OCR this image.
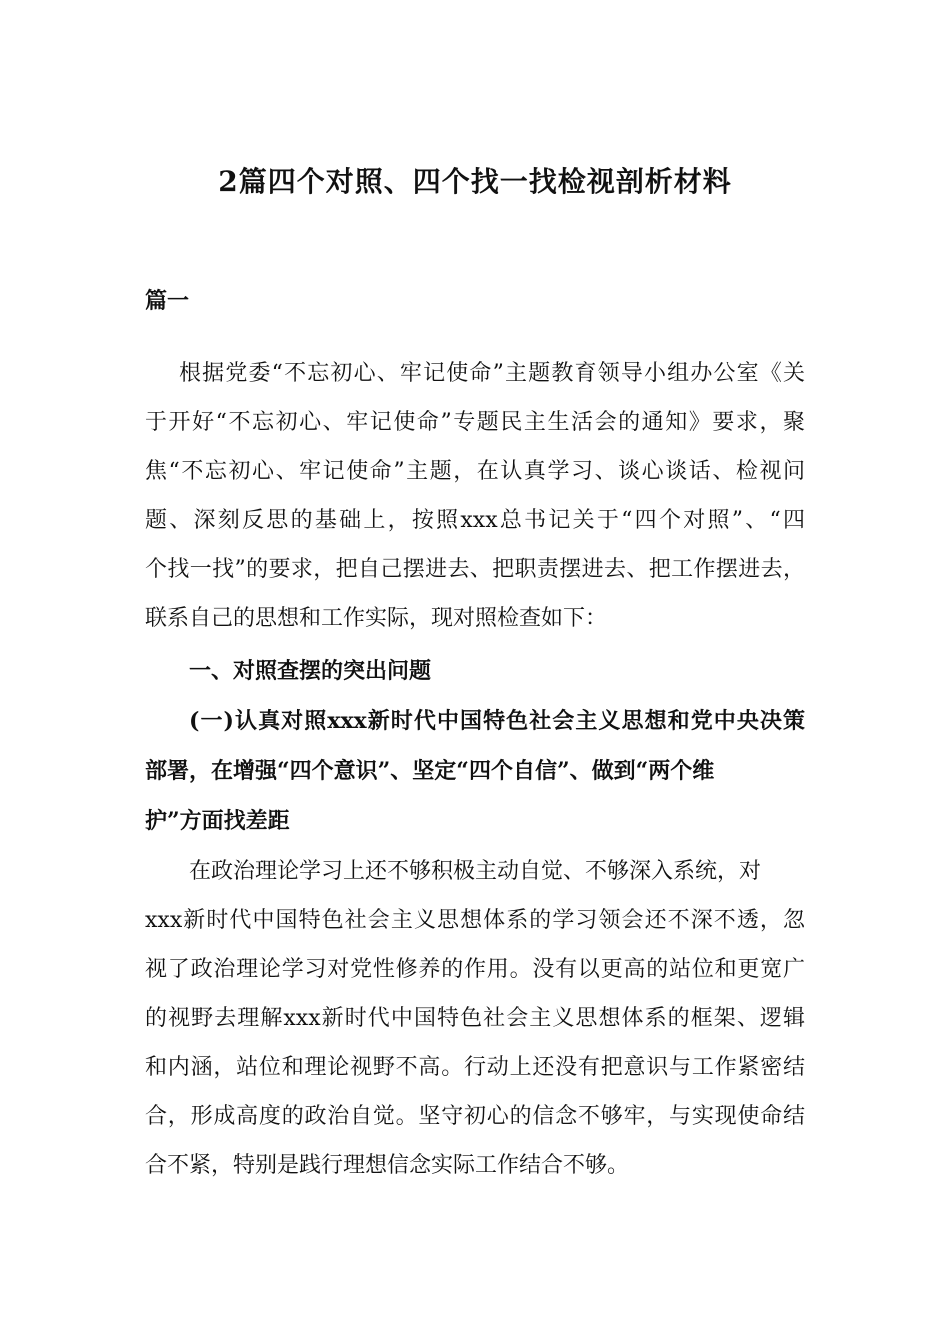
2篇四个对照、四个找一找检视剖析材料
篇一
根据党委“不忘初心、牢记使命”主题教育领导小组办公室《关
于开好“不忘初心、牢记使命”专题民主生活会的通知》要求，聚
焦“不忘初心、牢记使命”主题，在认真学习、谈心谈话、检视问
题、深刻反思的基础上，按照xxx总书记关于“四个对照”、“四
个找一找”的要求，把自己摆进去、把职责摆进去、把工作摆进去，
联系自己的思想和工作实际，现对照检查如下：
一、对照查摆的突出问题
(一)认真对照xxx新时代中国特色社会主义思想和党中央决策
部署，在增强“四个意识”、坚定“四个自信”、做到“两个维
护”方面找差距
在政治理论学习上还不够积极主动自觉、不够深入系统，对
xxx新时代中国特色社会主义思想体系的学习领会还不深不透，忽
视了政治理论学习对党性修养的作用。没有以更高的站位和更宽广
的视野去理解xxx新时代中国特色社会主义思想体系的框架、逻辑
和内涵，站位和理论视野不高。行动上还没有把意识与工作紧密结
合，形成高度的政治自觉。坚守初心的信念不够牢，与实现使命结
合不紧，特别是践行理想信念实际工作结合不够。
